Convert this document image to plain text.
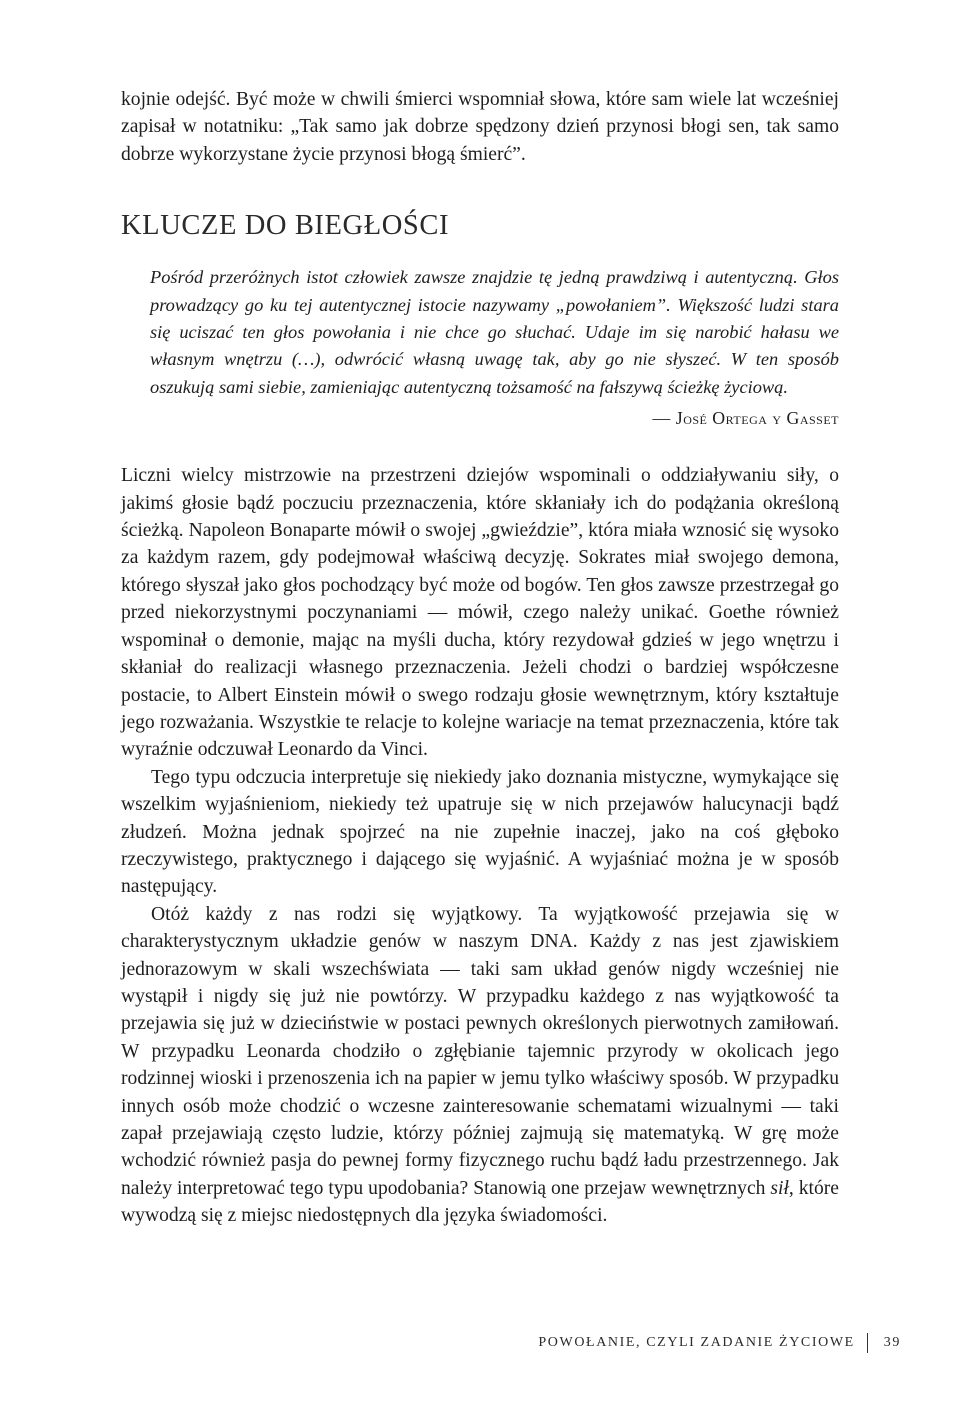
kojnie odejść. Być może w chwili śmierci wspomniał słowa, które sam wiele lat wcześniej zapisał w notatniku: „Tak samo jak dobrze spędzony dzień przynosi błogi sen, tak samo dobrze wykorzystane życie przynosi błogą śmierć”.

KLUCZE DO BIEGŁOŚCI

Pośród przeróżnych istot człowiek zawsze znajdzie tę jedną prawdziwą i autentyczną. Głos prowadzący go ku tej autentycznej istocie nazywamy „powołaniem”. Większość ludzi stara się uciszać ten głos powołania i nie chce go słuchać. Udaje im się narobić hałasu we własnym wnętrzu (…), odwrócić własną uwagę tak, aby go nie słyszeć. W ten sposób oszukują sami siebie, zamieniając autentyczną tożsamość na fałszywą ścieżkę życiową.

— José Ortega y Gasset

Liczni wielcy mistrzowie na przestrzeni dziejów wspominali o oddziaływaniu siły, o jakimś głosie bądź poczuciu przeznaczenia, które skłaniały ich do podążania określoną ścieżką. Napoleon Bonaparte mówił o swojej „gwieździe”, która miała wznosić się wysoko za każdym razem, gdy podejmował właściwą decyzję. Sokrates miał swojego demona, którego słyszał jako głos pochodzący być może od bogów. Ten głos zawsze przestrzegał go przed niekorzystnymi poczynaniami — mówił, czego należy unikać. Goethe również wspominał o demonie, mając na myśli ducha, który rezydował gdzieś w jego wnętrzu i skłaniał do realizacji własnego przeznaczenia. Jeżeli chodzi o bardziej współczesne postacie, to Albert Einstein mówił o swego rodzaju głosie wewnętrznym, który kształtuje jego rozważania. Wszystkie te relacje to kolejne wariacje na temat przeznaczenia, które tak wyraźnie odczuwał Leonardo da Vinci.

Tego typu odczucia interpretuje się niekiedy jako doznania mistyczne, wymykające się wszelkim wyjaśnieniom, niekiedy też upatruje się w nich przejawów halucynacji bądź złudzeń. Można jednak spojrzeć na nie zupełnie inaczej, jako na coś głęboko rzeczywistego, praktycznego i dającego się wyjaśnić. A wyjaśniać można je w sposób następujący.

Otóż każdy z nas rodzi się wyjątkowy. Ta wyjątkowość przejawia się w charakterystycznym układzie genów w naszym DNA. Każdy z nas jest zjawiskiem jednorazowym w skali wszechświata — taki sam układ genów nigdy wcześniej nie wystąpił i nigdy się już nie powtórzy. W przypadku każdego z nas wyjątkowość ta przejawia się już w dzieciństwie w postaci pewnych określonych pierwotnych zamiłowań. W przypadku Leonarda chodziło o zgłębianie tajemnic przyrody w okolicach jego rodzinnej wioski i przenoszenia ich na papier w jemu tylko właściwy sposób. W przypadku innych osób może chodzić o wczesne zainteresowanie schematami wizualnymi — taki zapał przejawiają często ludzie, którzy później zajmują się matematyką. W grę może wchodzić również pasja do pewnej formy fizycznego ruchu bądź ładu przestrzennego. Jak należy interpretować tego typu upodobania? Stanowią one przejaw wewnętrznych sił, które wywodzą się z miejsc niedostępnych dla języka świadomości.

POWOŁANIE, CZYLI ZADANIE ŻYCIOWE 39
